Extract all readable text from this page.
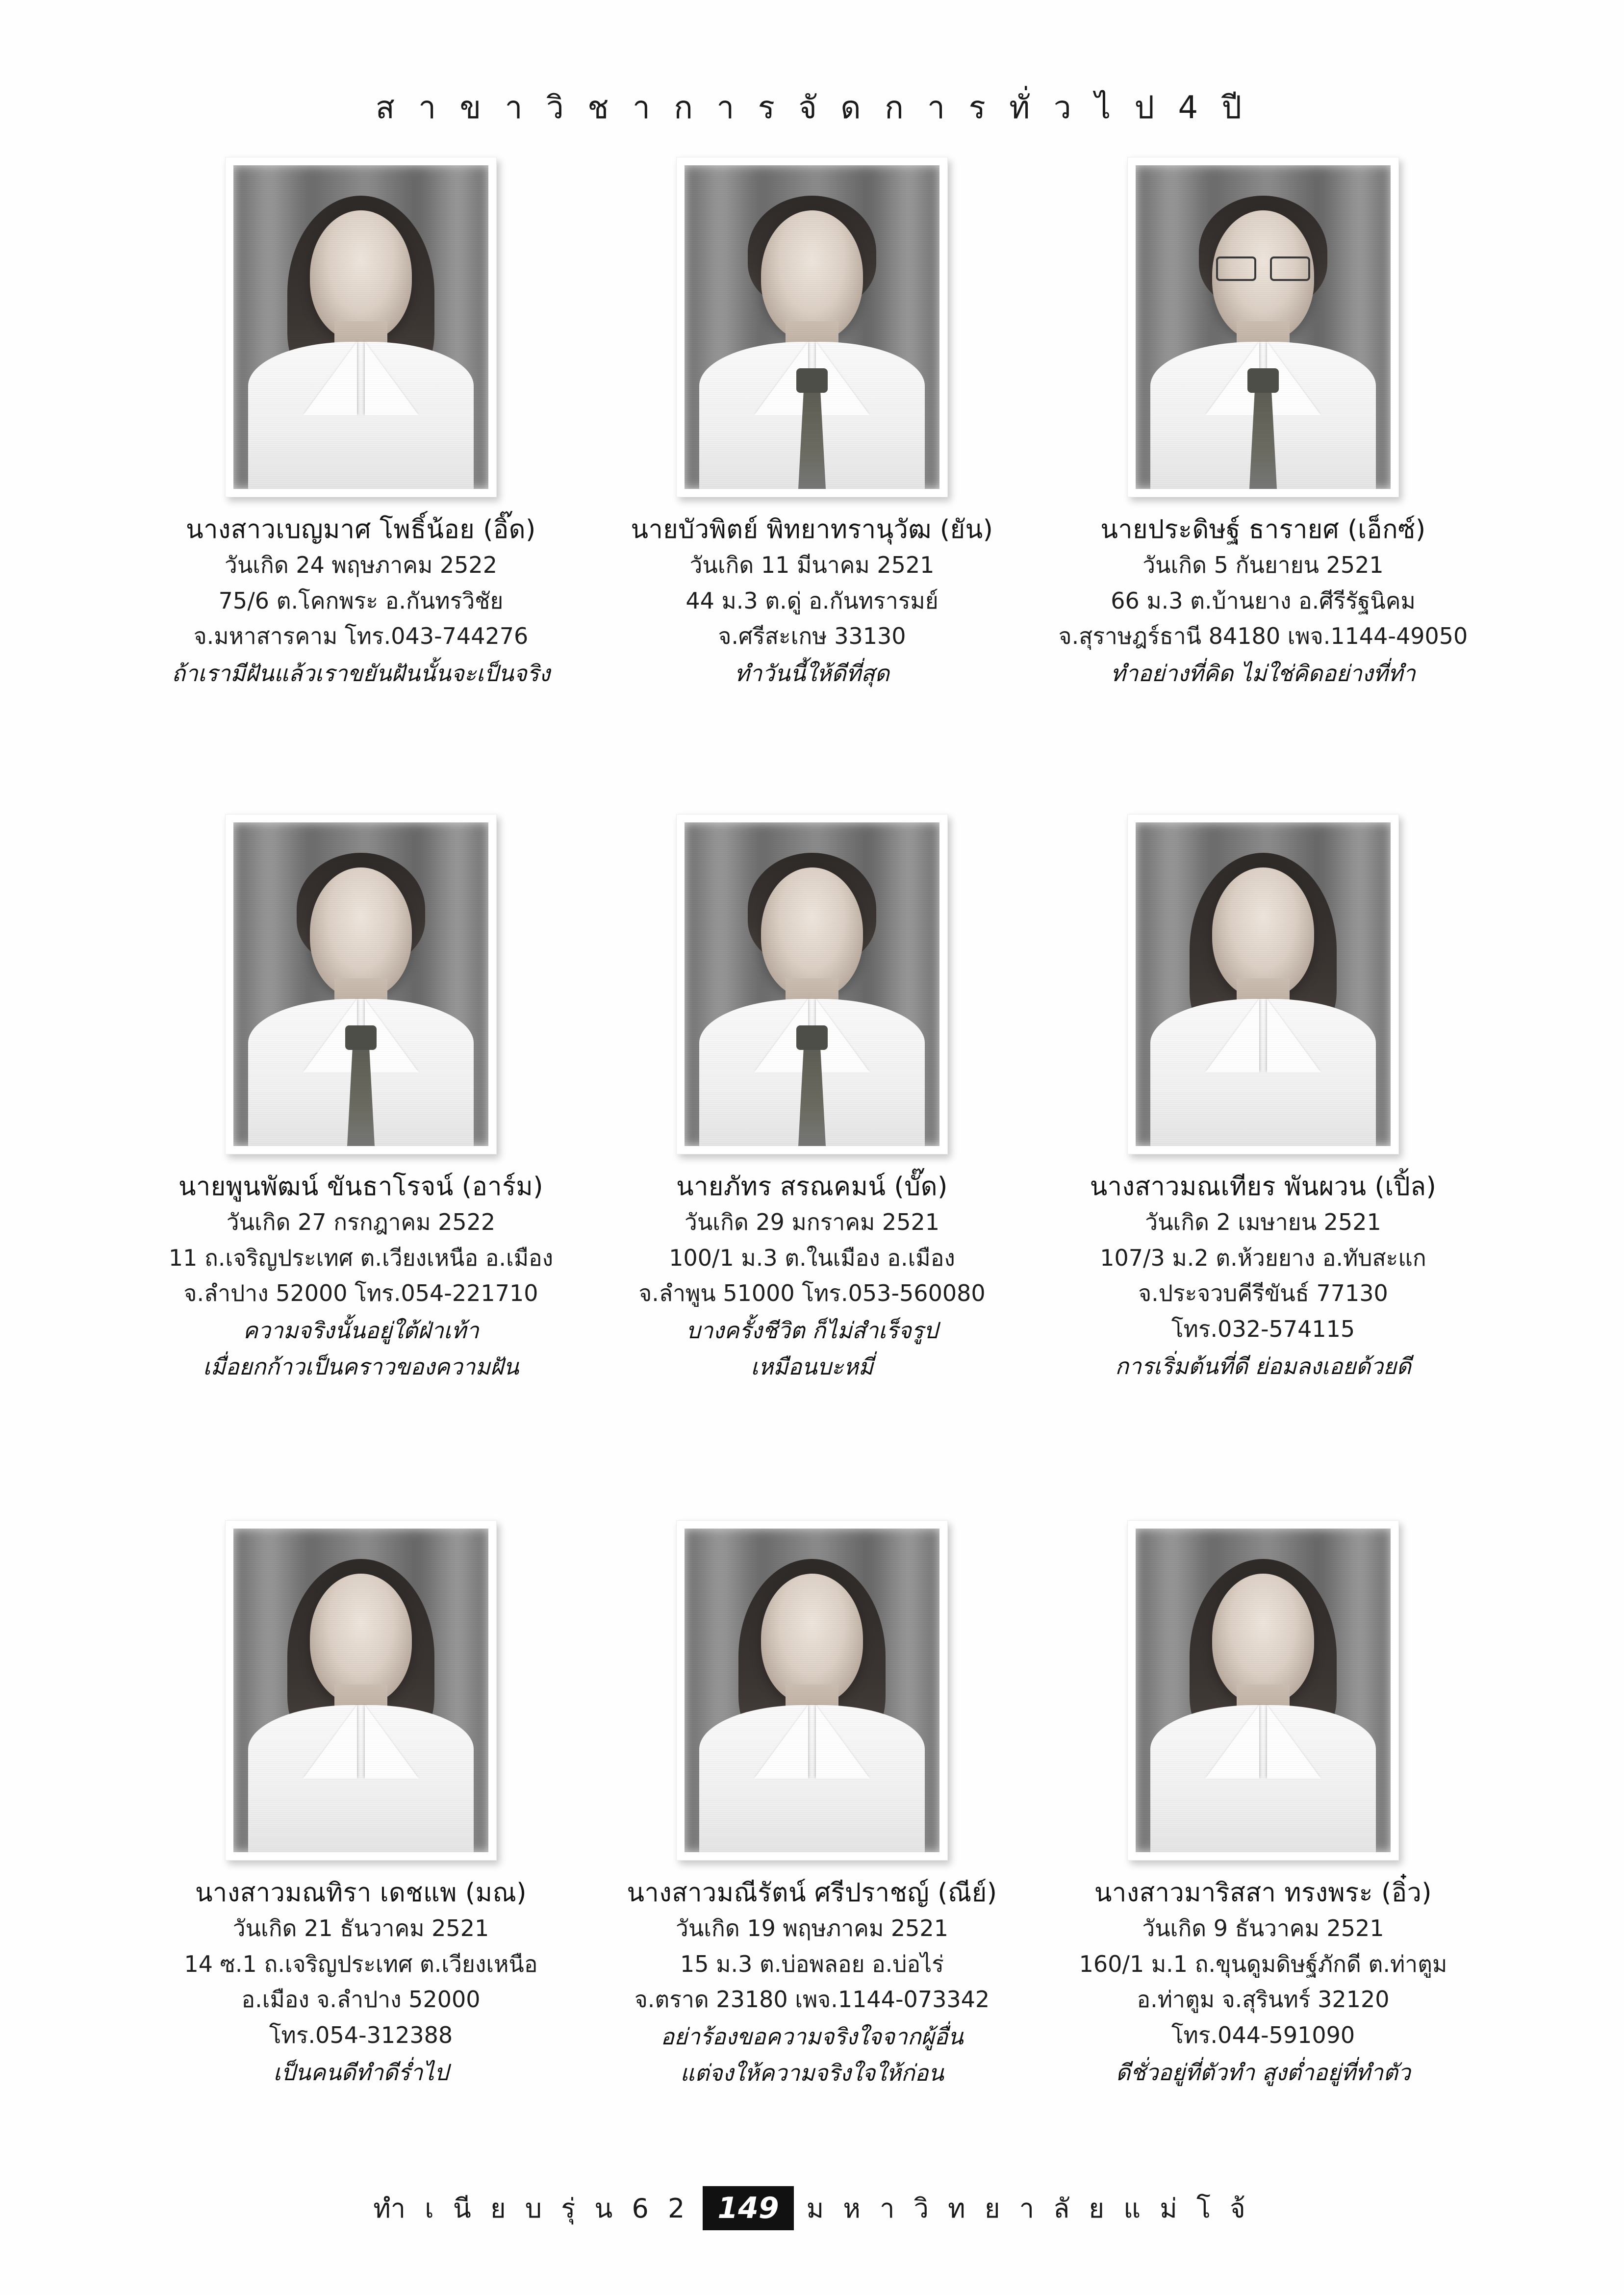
ส า ข า วิ ช า ก า ร จั ด ก า ร ทั่ ว ไ ป 4 ปี
นางสาวเบญมาศ โพธิ์น้อย (อิ๊ด)
วันเกิด 24 พฤษภาคม 2522
75/6 ต.โคกพระ อ.กันทรวิชัย
จ.มหาสารคาม โทร.043-744276
ถ้าเรามีฝันแล้วเราขยันฝันนั้นจะเป็นจริง
นายบัวพิตย์ พิทยาทรานุวัฒ (ยัน)
วันเกิด 11 มีนาคม 2521
44 ม.3 ต.ดู่ อ.กันทรารมย์
จ.ศรีสะเกษ 33130
ทำวันนี้ให้ดีที่สุด
นายประดิษฐ์ ธารายศ (เอ็กซ์)
วันเกิด 5 กันยายน 2521
66 ม.3 ต.บ้านยาง อ.ศีรีรัฐนิคม
จ.สุราษฎร์ธานี 84180 เพจ.1144-49050
ทำอย่างที่คิด ไม่ใช่คิดอย่างที่ทำ
นายพูนพัฒน์ ขันธาโรจน์ (อาร์ม)
วันเกิด 27 กรกฎาคม 2522
11 ถ.เจริญประเทศ ต.เวียงเหนือ อ.เมือง
จ.ลำปาง 52000 โทร.054-221710
ความจริงนั้นอยู่ใต้ฝ่าเท้า
เมื่อยกก้าวเป็นคราวของความฝัน
นายภัทร สรณคมน์ (บั๊ด)
วันเกิด 29 มกราคม 2521
100/1 ม.3 ต.ในเมือง อ.เมือง
จ.ลำพูน 51000 โทร.053-560080
บางครั้งชีวิต ก็ไม่สำเร็จรูป
เหมือนบะหมี่
นางสาวมณเทียร พันผวน (เปิ้ล)
วันเกิด 2 เมษายน 2521
107/3 ม.2 ต.ห้วยยาง อ.ทับสะแก
จ.ประจวบคีรีขันธ์ 77130
โทร.032-574115
การเริ่มต้นที่ดี ย่อมลงเอยด้วยดี
นางสาวมณทิรา เดชแพ (มณ)
วันเกิด 21 ธันวาคม 2521
14 ซ.1 ถ.เจริญประเทศ ต.เวียงเหนือ
อ.เมือง จ.ลำปาง 52000
โทร.054-312388
เป็นคนดีทำดีร่ำไป
นางสาวมณีรัตน์ ศรีปราชญ์ (ณีย์)
วันเกิด 19 พฤษภาคม 2521
15 ม.3 ต.บ่อพลอย อ.บ่อไร่
จ.ตราด 23180 เพจ.1144-073342
อย่าร้องขอความจริงใจจากผู้อื่น
แต่จงให้ความจริงใจให้ก่อน
นางสาวมาริสสา ทรงพระ (อิ๋ว)
วันเกิด 9 ธันวาคม 2521
160/1 ม.1 ถ.ขุนดูมดิษฐ์ภักดี ต.ท่าตูม
อ.ท่าตูม จ.สุรินทร์ 32120
โทร.044-591090
ดีชั่วอยู่ที่ตัวทำ สูงต่ำอยู่ที่ทำตัว
ทำ เ นี ย บ รุ่ น 6 2 149	ม ห า วิ ท ย า ลั ย แ ม่ โ จ้
